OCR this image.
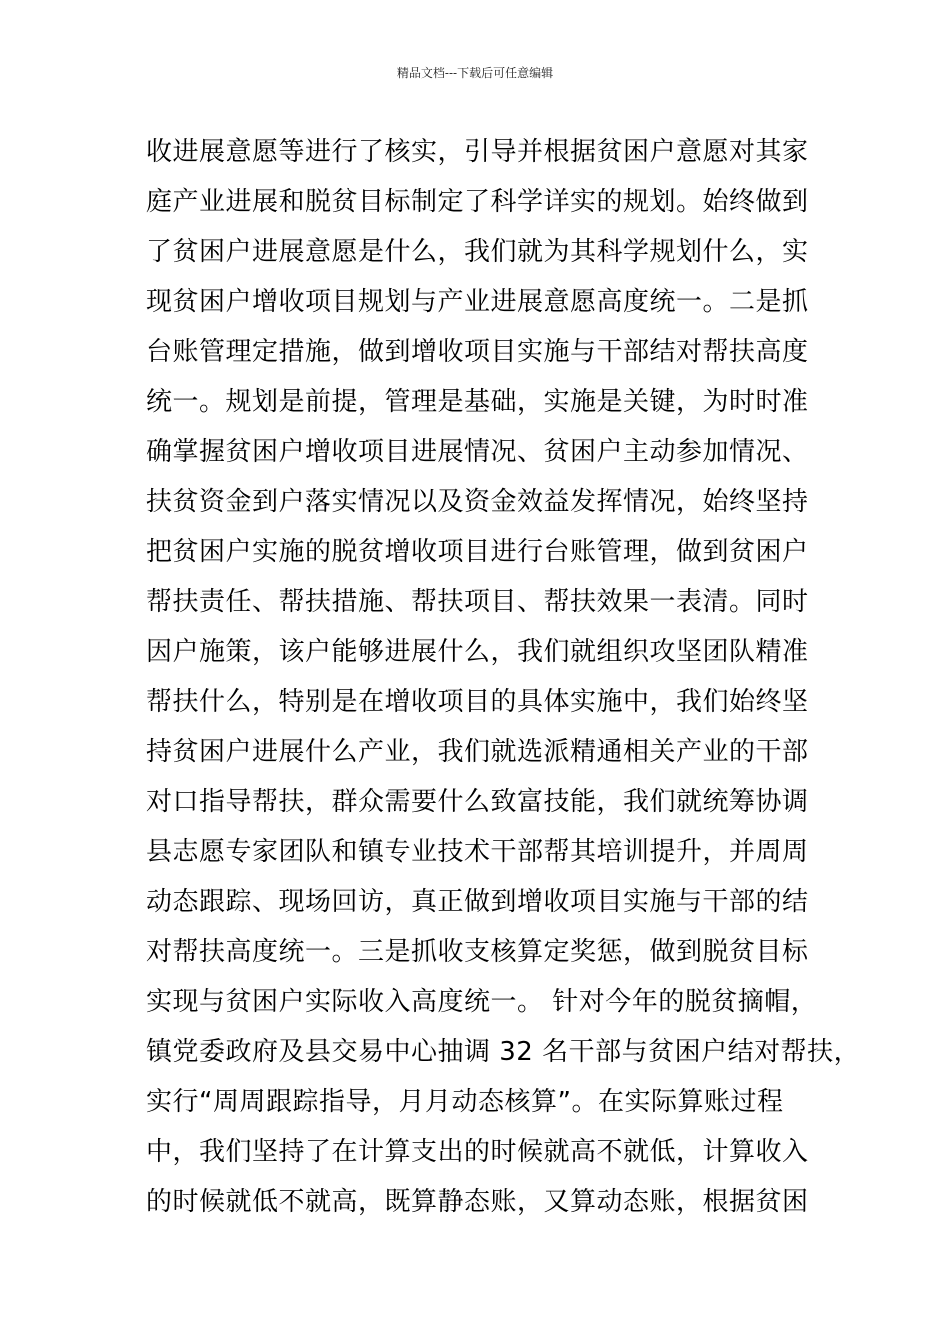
精品文档---下载后可任意编辑
收进展意愿等进行了核实，引导并根据贫困户意愿对其家
庭产业进展和脱贫目标制定了科学详实的规划。始终做到
了贫困户进展意愿是什么，我们就为其科学规划什么，实
现贫困户增收项目规划与产业进展意愿高度统一。二是抓
台账管理定措施，做到增收项目实施与干部结对帮扶高度
统一。规划是前提，管理是基础，实施是关键，为时时准
确掌握贫困户增收项目进展情况、贫困户主动参加情况、
扶贫资金到户落实情况以及资金效益发挥情况，始终坚持
把贫困户实施的脱贫增收项目进行台账管理，做到贫困户
帮扶责任、帮扶措施、帮扶项目、帮扶效果一表清。同时
因户施策，该户能够进展什么，我们就组织攻坚团队精准
帮扶什么，特别是在增收项目的具体实施中，我们始终坚
持贫困户进展什么产业，我们就选派精通相关产业的干部
对口指导帮扶，群众需要什么致富技能，我们就统筹协调
县志愿专家团队和镇专业技术干部帮其培训提升，并周周
动态跟踪、现场回访，真正做到增收项目实施与干部的结
对帮扶高度统一。三是抓收支核算定奖惩，做到脱贫目标
实现与贫困户实际收入高度统一。 针对今年的脱贫摘帽，
镇党委政府及县交易中心抽调 32 名干部与贫困户结对帮扶，
实行“周周跟踪指导，月月动态核算”。在实际算账过程
中，我们坚持了在计算支出的时候就高不就低，计算收入
的时候就低不就高，既算静态账，又算动态账，根据贫困
